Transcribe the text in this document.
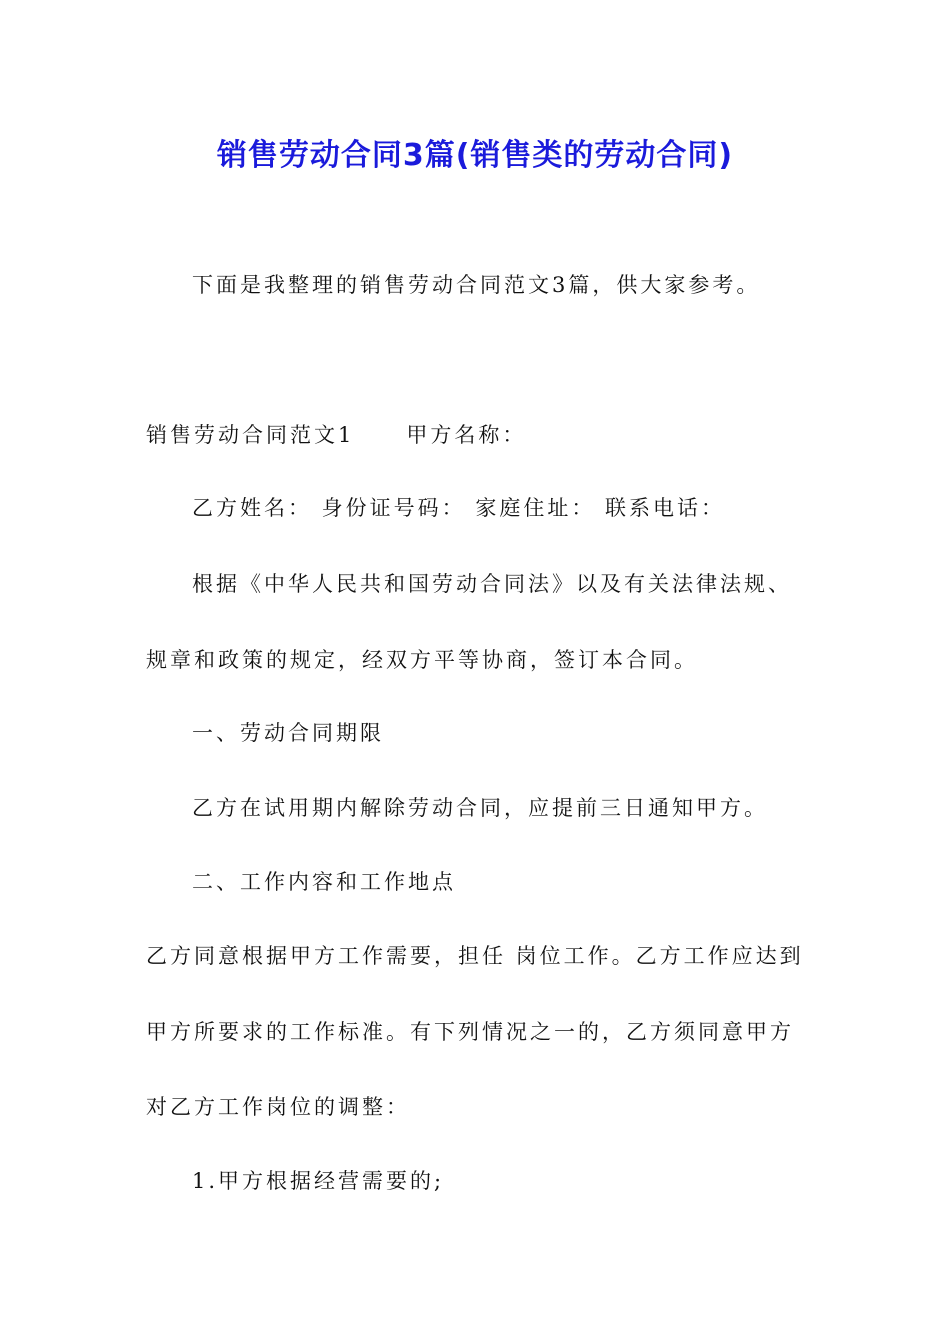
销售劳动合同3篇(销售类的劳动合同)
下面是我整理的销售劳动合同范文3篇，供大家参考。
销售劳动合同范文1 甲方名称：
乙方姓名： 身份证号码： 家庭住址： 联系电话：
根据《中华人民共和国劳动合同法》以及有关法律法规、
规章和政策的规定，经双方平等协商，签订本合同。
一、劳动合同期限
乙方在试用期内解除劳动合同，应提前三日通知甲方。
二、工作内容和工作地点
乙方同意根据甲方工作需要，担任 岗位工作。乙方工作应达到
甲方所要求的工作标准。有下列情况之一的，乙方须同意甲方
对乙方工作岗位的调整：
1.甲方根据经营需要的;
